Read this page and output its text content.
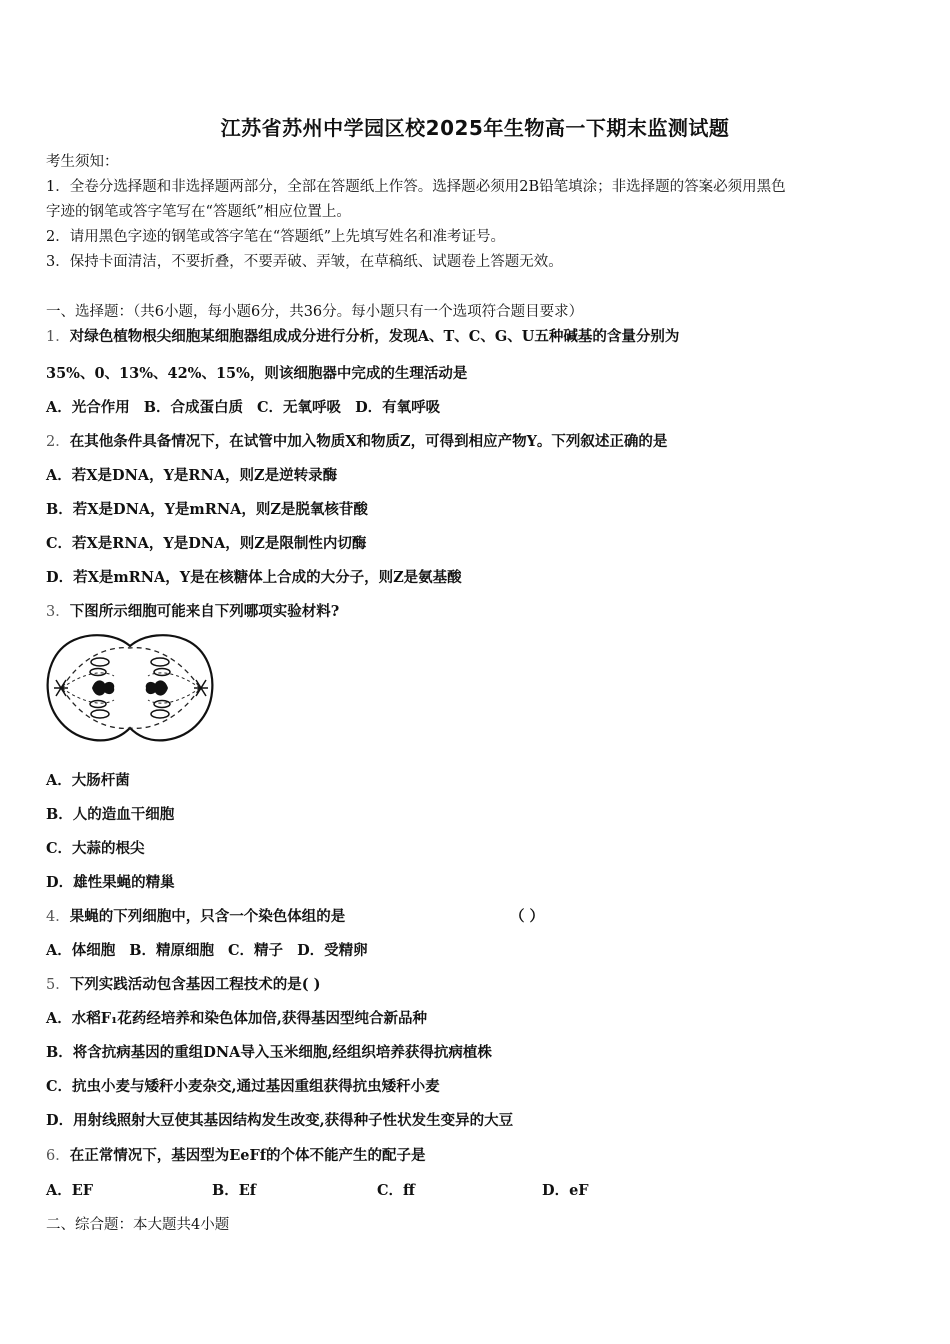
江苏省苏州中学园区校2025年生物高一下期末监测试题
考生须知：
1．全卷分选择题和非选择题两部分，全部在答题纸上作答。选择题必须用2B铅笔填涂；非选择题的答案必须用黑色
字迹的钢笔或答字笔写在“答题纸”相应位置上。
2．请用黑色字迹的钢笔或答字笔在“答题纸”上先填写姓名和准考证号。
3．保持卡面清洁，不要折叠，不要弄破、弄皱，在草稿纸、试题卷上答题无效。
一、选择题：（共6小题，每小题6分，共36分。每小题只有一个选项符合题目要求）
1．对绿色植物根尖细胞某细胞器组成成分进行分析，发现A、T、C、G、U五种碱基的含量分别为
35%、0、13%、42%、15%，则该细胞器中完成的生理活动是
A．光合作用 B．合成蛋白质 C．无氧呼吸 D．有氧呼吸
2．在其他条件具备情况下，在试管中加入物质X和物质Z，可得到相应产物Y。下列叙述正确的是
A．若X是DNA，Y是RNA，则Z是逆转录酶
B．若X是DNA，Y是mRNA，则Z是脱氧核苷酸
C．若X是RNA，Y是DNA，则Z是限制性内切酶
D．若X是mRNA，Y是在核糖体上合成的大分子，则Z是氨基酸
3．下图所示细胞可能来自下列哪项实验材料?
A．大肠杆菌
B．人的造血干细胞
C．大蒜的根尖
D．雄性果蝇的精巢
4．果蝇的下列细胞中，只含一个染色体组的是	（ ）
A．体细胞 B．精原细胞 C．精子 D．受精卵
5．下列实践活动包含基因工程技术的是( )
A．水稻F₁花药经培养和染色体加倍,获得基因型纯合新品种
B．将含抗病基因的重组DNA导入玉米细胞,经组织培养获得抗病植株
C．抗虫小麦与矮秆小麦杂交,通过基因重组获得抗虫矮秆小麦
D．用射线照射大豆使其基因结构发生改变,获得种子性状发生变异的大豆
6．在正常情况下，基因型为EeFf的个体不能产生的配子是
A．EF	B．Ef	C．ff	D．eF
二、综合题：本大题共4小题
